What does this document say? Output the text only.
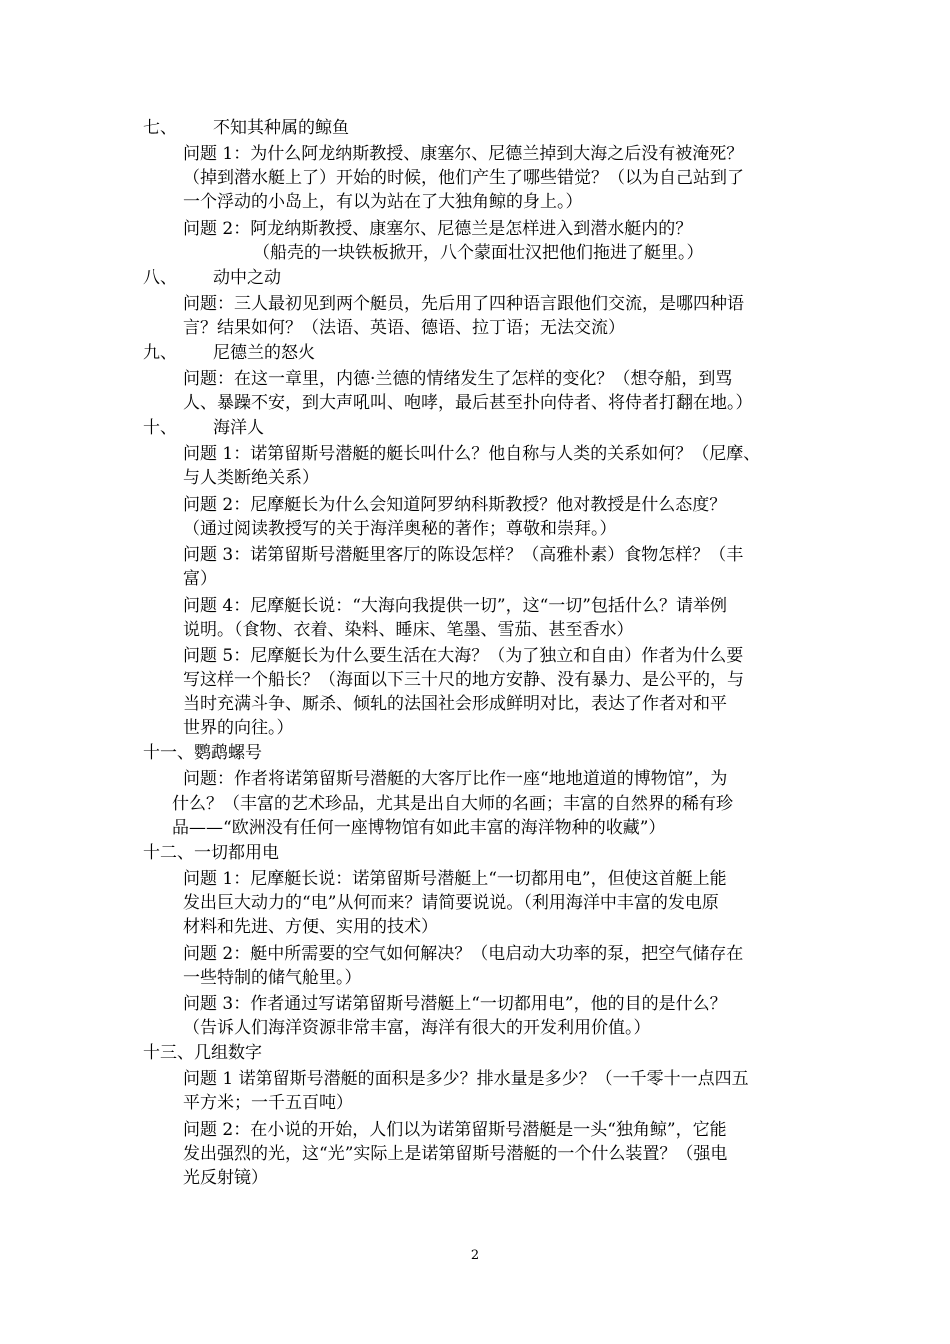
七、 不知其种属的鲸鱼
问题 1：为什么阿龙纳斯教授、康塞尔、尼德兰掉到大海之后没有被淹死？
（掉到潜水艇上了）开始的时候，他们产生了哪些错觉？（以为自己站到了
一个浮动的小岛上，有以为站在了大独角鲸的身上。）
问题 2：阿龙纳斯教授、康塞尔、尼德兰是怎样进入到潜水艇内的？
（船壳的一块铁板掀开，八个蒙面壮汉把他们拖进了艇里。）
八、 动中之动
问题：三人最初见到两个艇员，先后用了四种语言跟他们交流，是哪四种语
言？结果如何？（法语、英语、德语、拉丁语；无法交流）
九、 尼德兰的怒火
问题：在这一章里，内德·兰德的情绪发生了怎样的变化？（想夺船，到骂
人、暴躁不安，到大声吼叫、咆哮，最后甚至扑向侍者、将侍者打翻在地。）
十、 海洋人
问题 1：诺第留斯号潜艇的艇长叫什么？他自称与人类的关系如何？（尼摩、
与人类断绝关系）
问题 2：尼摩艇长为什么会知道阿罗纳科斯教授？他对教授是什么态度？
（通过阅读教授写的关于海洋奥秘的著作；尊敬和崇拜。）
问题 3：诺第留斯号潜艇里客厅的陈设怎样？（高雅朴素）食物怎样？（丰
富）
问题 4：尼摩艇长说：“大海向我提供一切”，这“一切”包括什么？请举例
说明。（食物、衣着、染料、睡床、笔墨、雪茄、甚至香水）
问题 5：尼摩艇长为什么要生活在大海？（为了独立和自由）作者为什么要
写这样一个船长？（海面以下三十尺的地方安静、没有暴力、是公平的，与
当时充满斗争、厮杀、倾轧的法国社会形成鲜明对比，表达了作者对和平
世界的向往。）
十一、鹦鹉螺号
问题：作者将诺第留斯号潜艇的大客厅比作一座“地地道道的博物馆”，为
什么？（丰富的艺术珍品，尤其是出自大师的名画；丰富的自然界的稀有珍
品——“欧洲没有任何一座博物馆有如此丰富的海洋物种的收藏”）
十二、一切都用电
问题 1：尼摩艇长说：诺第留斯号潜艇上“一切都用电”，但使这首艇上能
发出巨大动力的“电”从何而来？请简要说说。（利用海洋中丰富的发电原
材料和先进、方便、实用的技术）
问题 2：艇中所需要的空气如何解决？（电启动大功率的泵，把空气储存在
一些特制的储气舱里。）
问题 3：作者通过写诺第留斯号潜艇上“一切都用电”，他的目的是什么？
（告诉人们海洋资源非常丰富，海洋有很大的开发利用价值。）
十三、几组数字
问题 1 诺第留斯号潜艇的面积是多少？排水量是多少？（一千零十一点四五
平方米；一千五百吨）
问题 2：在小说的开始，人们以为诺第留斯号潜艇是一头“独角鲸”，它能
发出强烈的光，这“光”实际上是诺第留斯号潜艇的一个什么装置？（强电
光反射镜）
2
